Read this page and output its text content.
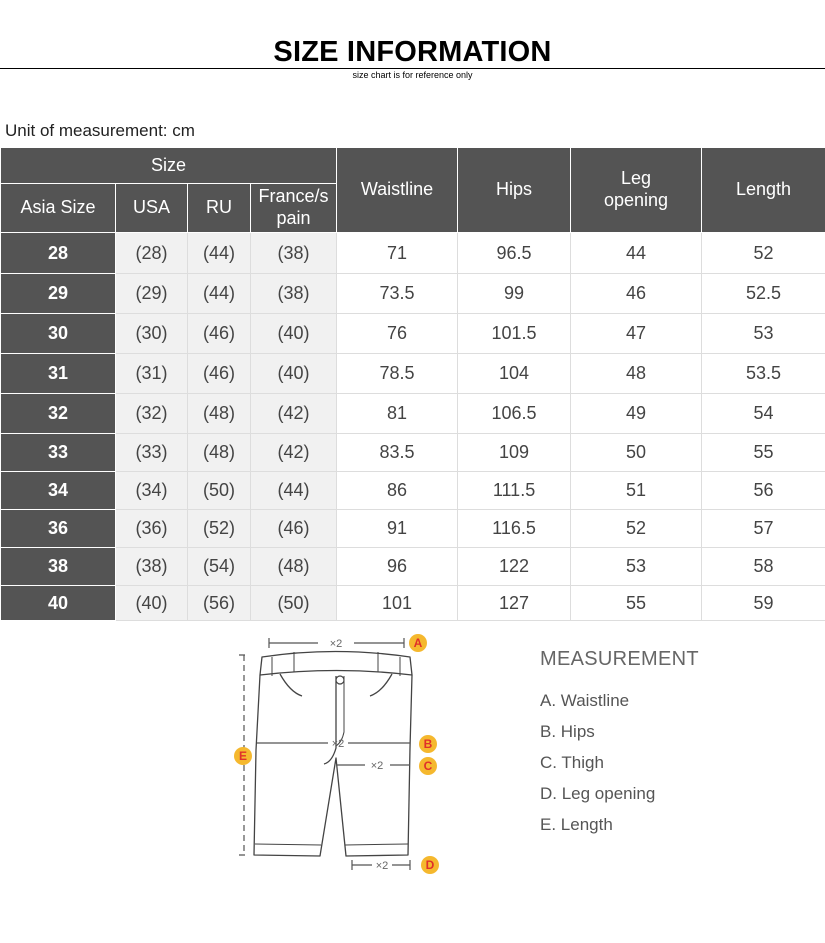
SIZE INFORMATION
size chart is for reference only
Unit of measurement: cm
Size				Waistline	Hips	Leg opening	Length
Asia Size	USA	RU	France/s pain				

28	(28)	(44)	(38)	71	96.5	44	52
29	(29)	(44)	(38)	73.5	99	46	52.5
30	(30)	(46)	(40)	76	101.5	47	53
31	(31)	(46)	(40)	78.5	104	48	53.5
32	(32)	(48)	(42)	81	106.5	49	54
33	(33)	(48)	(42)	83.5	109	50	55
34	(34)	(50)	(44)	86	111.5	51	56
36	(36)	(52)	(46)	91	116.5	52	57
38	(38)	(54)	(48)	96	122	53	58
40	(40)	(56)	(50)	101	127	55	59
×2
×2
×2
×2
A
B
C
D
E
MEASUREMENT
A. Waistline
B. Hips
C. Thigh
D. Leg opening
E. Length
